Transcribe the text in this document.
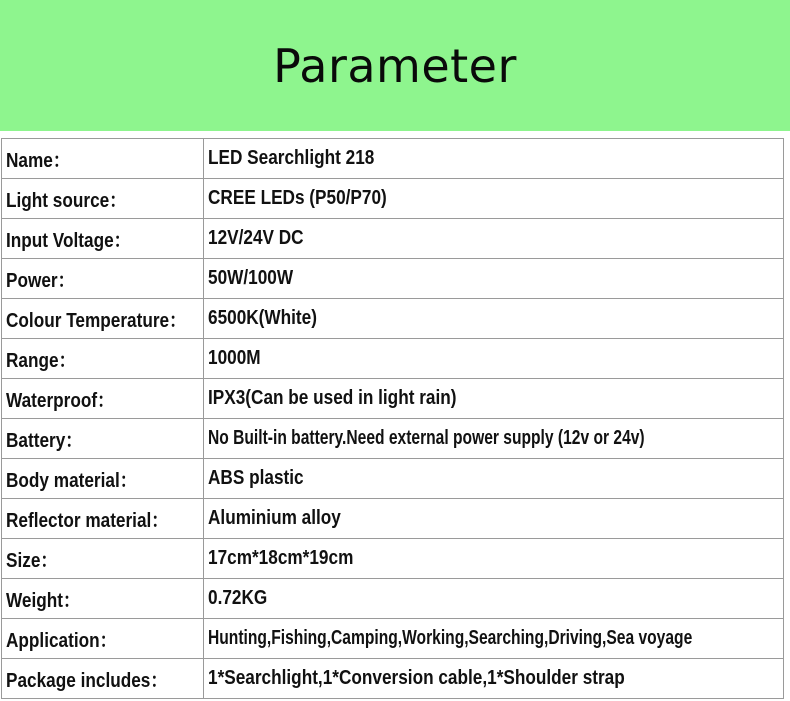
Parameter
Name：	LED Searchlight 218
Light source：	CREE LEDs (P50/P70)
Input Voltage：	12V/24V DC
Power：	50W/100W
Colour Temperature：	6500K(White)
Range：	1000M
Waterproof：	IPX3(Can be used in light rain)
Battery：	No Built-in battery.Need external power supply (12v or 24v)
Body material：	ABS plastic
Reflector material：	Aluminium alloy
Size：	17cm*18cm*19cm
Weight：	0.72KG
Application：	Hunting,Fishing,Camping,Working,Searching,Driving,Sea voyage
Package includes：	1*Searchlight,1*Conversion cable,1*Shoulder strap
